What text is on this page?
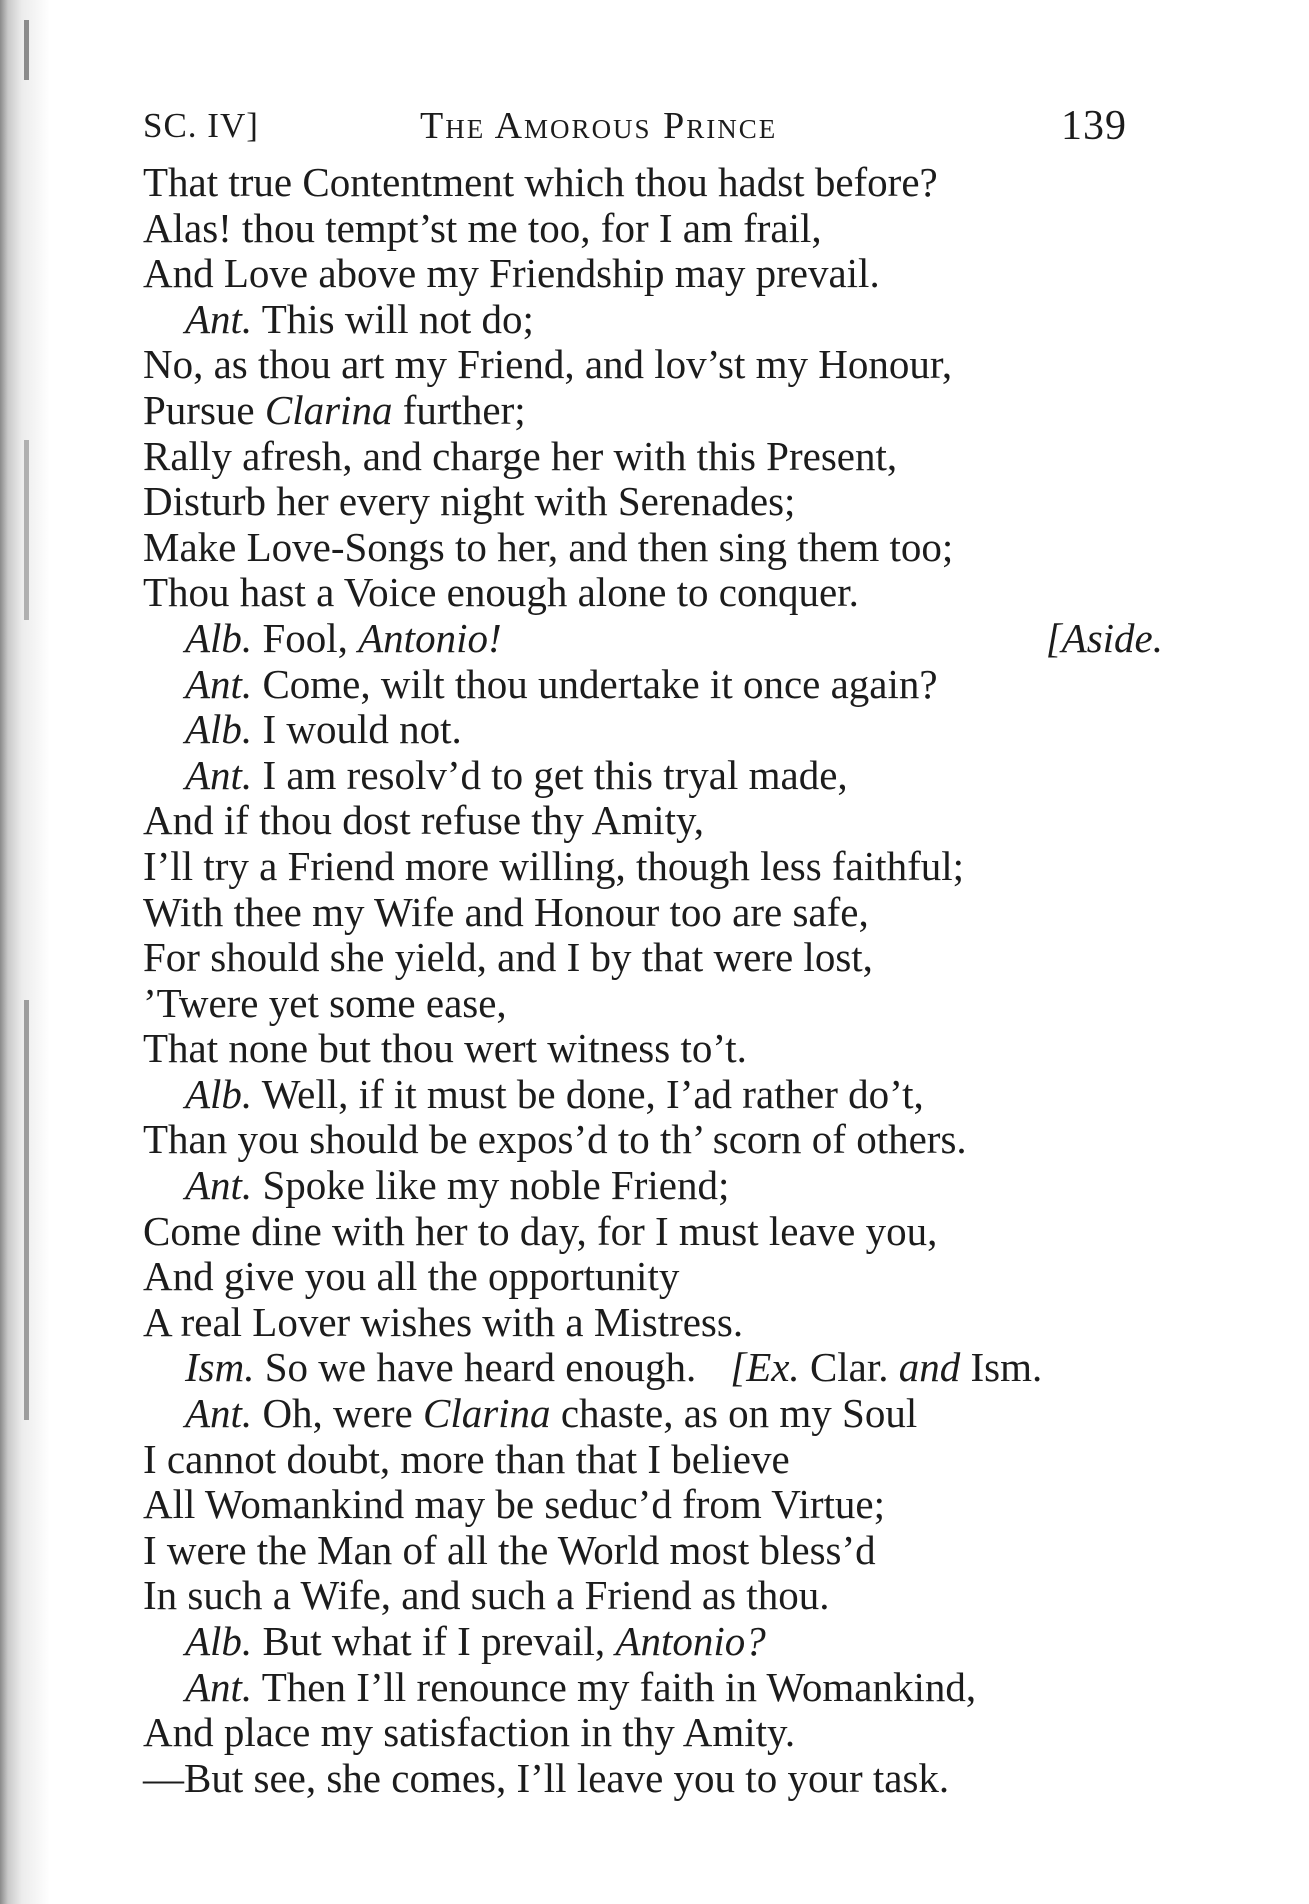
SC. IV]	The Amorous Prince	139
That true Contentment which thou hadst before?
Alas! thou tempt’st me too, for I am frail,
And Love above my Friendship may prevail.
Ant. This will not do;
No, as thou art my Friend, and lov’st my Honour,
Pursue Clarina further;
Rally afresh, and charge her with this Present,
Disturb her every night with Serenades;
Make Love-Songs to her, and then sing them too;
Thou hast a Voice enough alone to conquer.
Alb. Fool, Antonio!	[Aside.
Ant. Come, wilt thou undertake it once again?
Alb. I would not.
Ant. I am resolv’d to get this tryal made,
And if thou dost refuse thy Amity,
I’ll try a Friend more willing, though less faithful;
With thee my Wife and Honour too are safe,
For should she yield, and I by that were lost,
’Twere yet some ease,
That none but thou wert witness to’t.
Alb. Well, if it must be done, I’ad rather do’t,
Than you should be expos’d to th’ scorn of others.
Ant. Spoke like my noble Friend;
Come dine with her to day, for I must leave you,
And give you all the opportunity
A real Lover wishes with a Mistress.
Ism. So we have heard enough. [Ex. Clar. and Ism.
Ant. Oh, were Clarina chaste, as on my Soul
I cannot doubt, more than that I believe
All Womankind may be seduc’d from Virtue;
I were the Man of all the World most bless’d
In such a Wife, and such a Friend as thou.
Alb. But what if I prevail, Antonio?
Ant. Then I’ll renounce my faith in Womankind,
And place my satisfaction in thy Amity.
—But see, she comes, I’ll leave you to your task.
